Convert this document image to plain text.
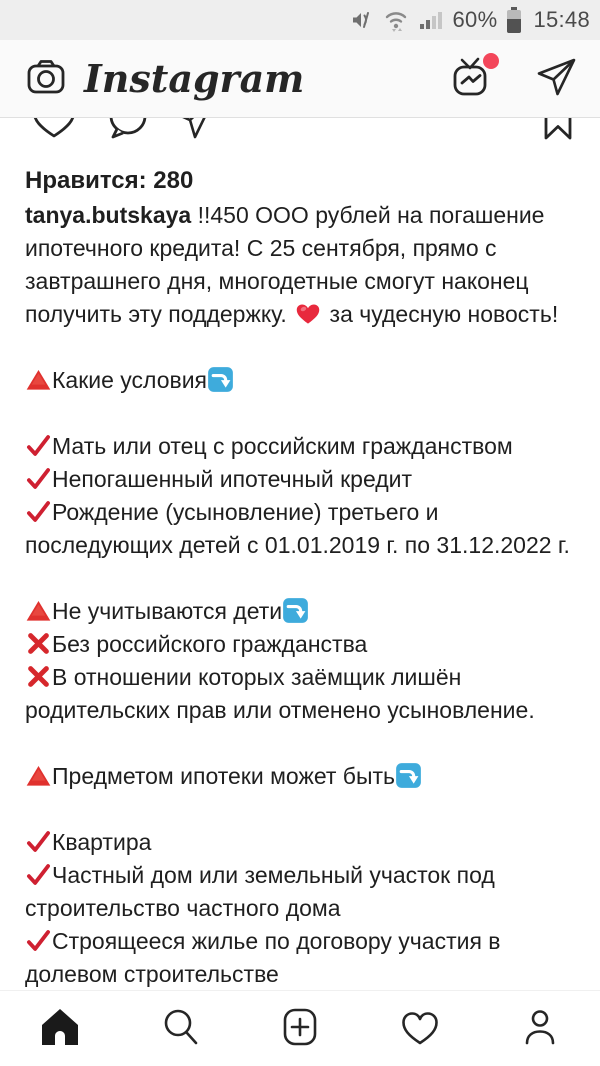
60% 15:48
Instagram
Нравится: 280
tanya.butskaya !!450 ООО рублей на погашение ипотечного кредита! С 25 сентября, прямо с завтрашнего дня, многодетные смогут наконец получить эту поддержку.
за чудесную новость!
Какие условия
Мать или отец с российским гражданством
Непогашенный ипотечный кредит
Рождение (усыновление) третьего и последующих детей с 01.01.2019 г. по 31.12.2022 г.
Не учитываются дети
Без российского гражданства
В отношении которых заёмщик лишён родительских прав или отменено усыновление.
Предметом ипотеки может быть
Квартира
Частный дом или земельный участок под строительство частного дома
Строящееся жилье по договору участия в долевом строительстве
